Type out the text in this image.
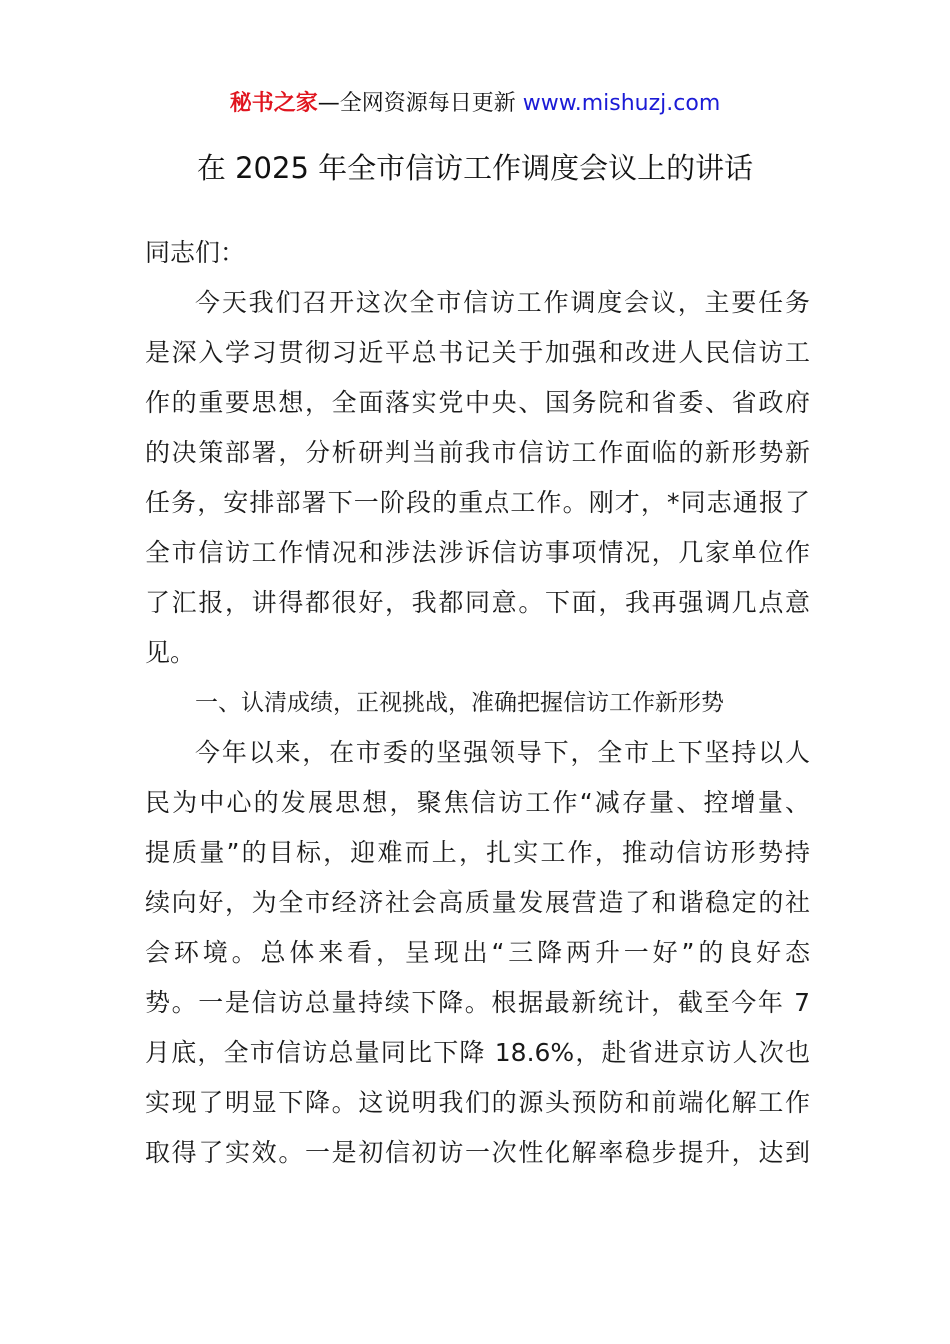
秘书之家—全网资源每日更新 www.mishuzj.com
在 2025 年全市信访工作调度会议上的讲话
同志们：
今天我们召开这次全市信访工作调度会议，主要任务
是深入学习贯彻习近平总书记关于加强和改进人民信访工
作的重要思想，全面落实党中央、国务院和省委、省政府
的决策部署，分析研判当前我市信访工作面临的新形势新
任务，安排部署下一阶段的重点工作。刚才，*同志通报了
全市信访工作情况和涉法涉诉信访事项情况，几家单位作
了汇报，讲得都很好，我都同意。下面，我再强调几点意
见。
一、认清成绩，正视挑战，准确把握信访工作新形势
今年以来，在市委的坚强领导下，全市上下坚持以人
民为中心的发展思想，聚焦信访工作“减存量、控增量、
提质量”的目标，迎难而上，扎实工作，推动信访形势持
续向好，为全市经济社会高质量发展营造了和谐稳定的社
会环境。总体来看，呈现出“三降两升一好”的良好态
势。一是信访总量持续下降。根据最新统计，截至今年 7
月底，全市信访总量同比下降 18.6%，赴省进京访人次也
实现了明显下降。这说明我们的源头预防和前端化解工作
取得了实效。一是初信初访一次性化解率稳步提升，达到
